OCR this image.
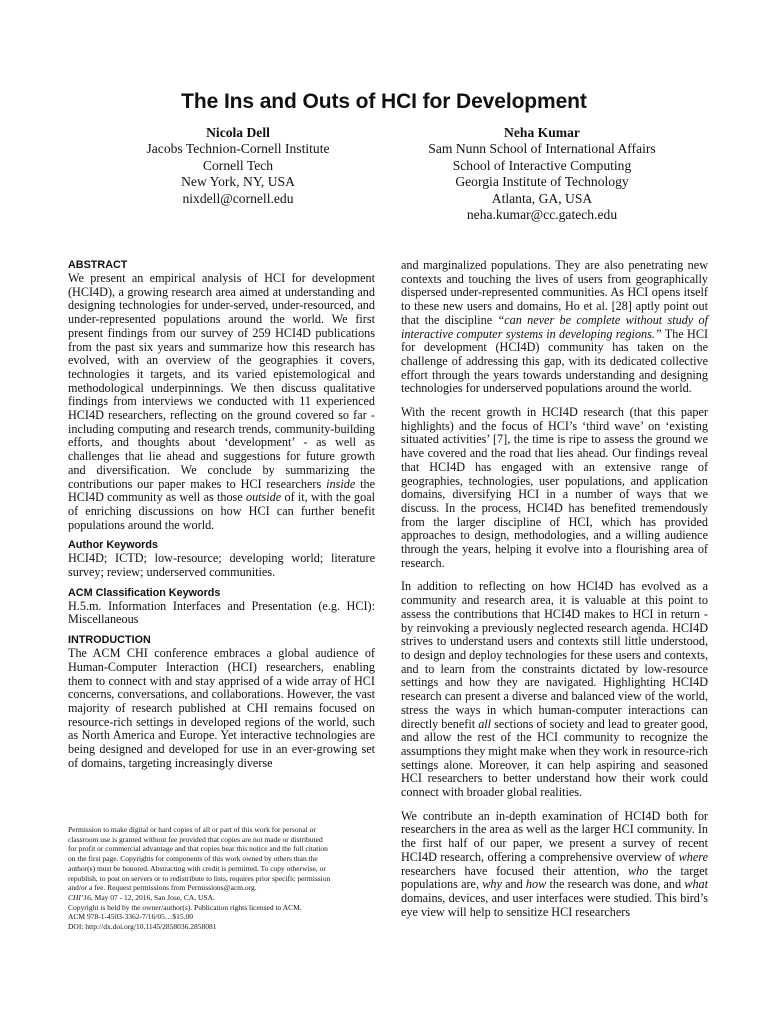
The Ins and Outs of HCI for Development
Nicola Dell
Jacobs Technion-Cornell Institute
Cornell Tech
New York, NY, USA
nixdell@cornell.edu
Neha Kumar
Sam Nunn School of International Affairs
School of Interactive Computing
Georgia Institute of Technology
Atlanta, GA, USA
neha.kumar@cc.gatech.edu
ABSTRACT

We present an empirical analysis of HCI for development (HCI4D), a growing research area aimed at understanding and designing technologies for under-served, under-resourced, and under-represented populations around the world. We first present findings from our survey of 259 HCI4D publications from the past six years and summarize how this research has evolved, with an overview of the geographies it covers, technologies it targets, and its varied epistemological and methodological underpinnings. We then discuss qualitative findings from interviews we conducted with 11 experienced HCI4D researchers, reflecting on the ground covered so far - including computing and research trends, community-building efforts, and thoughts about ‘development’ - as well as challenges that lie ahead and suggestions for future growth and diversification. We conclude by summarizing the contributions our paper makes to HCI researchers inside the HCI4D community as well as those outside of it, with the goal of enriching discussions on how HCI can further benefit populations around the world.

Author Keywords

HCI4D; ICTD; low-resource; developing world; literature survey; review; underserved communities.

ACM Classification Keywords

H.5.m. Information Interfaces and Presentation (e.g. HCI): Miscellaneous

INTRODUCTION

The ACM CHI conference embraces a global audience of Human-Computer Interaction (HCI) researchers, enabling them to connect with and stay apprised of a wide array of HCI concerns, conversations, and collaborations. However, the vast majority of research published at CHI remains focused on resource-rich settings in developed regions of the world, such as North America and Europe. Yet interactive technologies are being designed and developed for use in an ever-growing set of domains, targeting increasingly diverse

Permission to make digital or hard copies of all or part of this work for personal or
classroom use is granted without fee provided that copies are not made or distributed
for profit or commercial advantage and that copies bear this notice and the full citation
on the first page. Copyrights for components of this work owned by others than the
author(s) must be honored. Abstracting with credit is permitted. To copy otherwise, or
republish, to post on servers or to redistribute to lists, requires prior specific permission
and/or a fee. Request permissions from Permissions@acm.org.
CHI’16, May 07 - 12, 2016, San Jose, CA, USA.
Copyright is held by the owner/author(s). Publication rights licensed to ACM.
ACM 978-1-4503-3362-7/16/05…$15.00
DOI: http://dx.doi.org/10.1145/2858036.2858081

and marginalized populations. They are also penetrating new contexts and touching the lives of users from geographically dispersed under-represented communities. As HCI opens itself to these new users and domains, Ho et al. [28] aptly point out that the discipline “can never be complete without study of interactive computer systems in developing regions.” The HCI for development (HCI4D) community has taken on the challenge of addressing this gap, with its dedicated collective effort through the years towards understanding and designing technologies for underserved populations around the world.

With the recent growth in HCI4D research (that this paper highlights) and the focus of HCI’s ‘third wave’ on ‘existing situated activities’ [7], the time is ripe to assess the ground we have covered and the road that lies ahead. Our findings reveal that HCI4D has engaged with an extensive range of geographies, technologies, user populations, and application domains, diversifying HCI in a number of ways that we discuss. In the process, HCI4D has benefited tremendously from the larger discipline of HCI, which has provided approaches to design, methodologies, and a willing audience through the years, helping it evolve into a flourishing area of research.

In addition to reflecting on how HCI4D has evolved as a community and research area, it is valuable at this point to assess the contributions that HCI4D makes to HCI in return - by reinvoking a previously neglected research agenda. HCI4D strives to understand users and contexts still little understood, to design and deploy technologies for these users and contexts, and to learn from the constraints dictated by low-resource settings and how they are navigated. Highlighting HCI4D research can present a diverse and balanced view of the world, stress the ways in which human-computer interactions can directly benefit all sections of society and lead to greater good, and allow the rest of the HCI community to recognize the assumptions they might make when they work in resource-rich settings alone. Moreover, it can help aspiring and seasoned HCI researchers to better understand how their work could connect with broader global realities.

We contribute an in-depth examination of HCI4D both for researchers in the area as well as the larger HCI community. In the first half of our paper, we present a survey of recent HCI4D research, offering a comprehensive overview of where researchers have focused their attention, who the target populations are, why and how the research was done, and what domains, devices, and user interfaces were studied. This bird’s eye view will help to sensitize HCI researchers
